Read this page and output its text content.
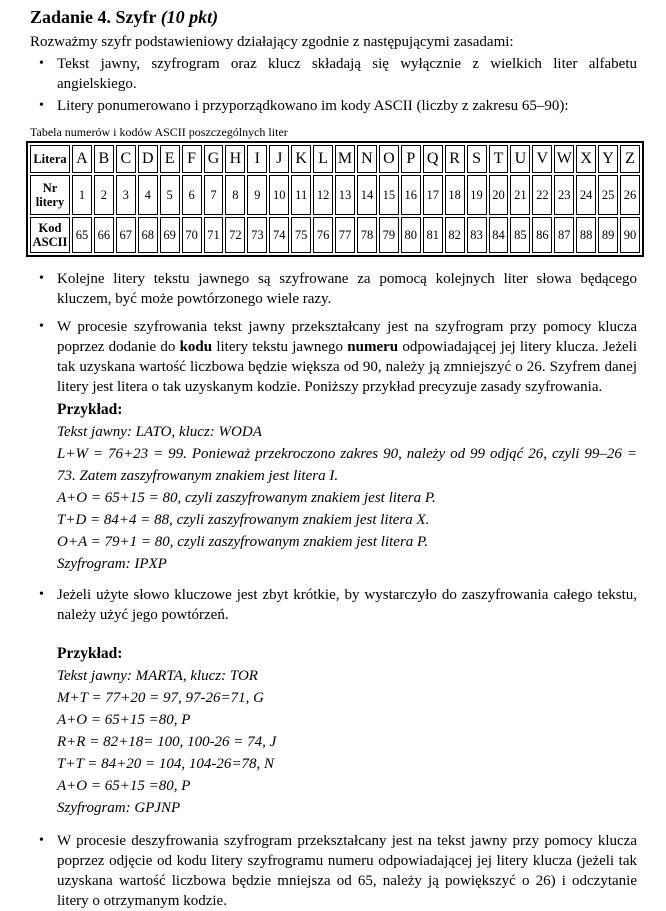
Zadanie 4. Szyfr (10 pkt)

Rozważmy szyfr podstawieniowy działający zgodnie z następującymi zasadami:

• Tekst jawny, szyfrogram oraz klucz składają się wyłącznie z wielkich liter alfabetu angielskiego.
• Litery ponumerowano i przyporządkowano im kody ASCII (liczby z zakresu 65–90):
Tabela numerów i kodów ASCII poszczególnych liter
Litera	A	B	C	D	E	F	G	H	I	J	K	L	M	N	O	P	Q	R	S	T	U	V	W	X	Y	Z
Nr litery	1	2	3	4	5	6	7	8	9	10	11	12	13	14	15	16	17	18	19	20	21	22	23	24	25	26
Kod ASCII	65	66	67	68	69	70	71	72	73	74	75	76	77	78	79	80	81	82	83	84	85	86	87	88	89	90
• Kolejne litery tekstu jawnego są szyfrowane za pomocą kolejnych liter słowa będącego kluczem, być może powtórzonego wiele razy.
• W procesie szyfrowania tekst jawny przekształcany jest na szyfrogram przy pomocy klucza poprzez dodanie do kodu litery tekstu jawnego numeru odpowiadającej jej litery klucza. Jeżeli tak uzyskana wartość liczbowa będzie większa od 90, należy ją zmniejszyć o 26. Szyfrem danej litery jest litera o tak uzyskanym kodzie. Poniższy przykład precyzuje zasady szyfrowania.
Przykład:
Tekst jawny: LATO, klucz: WODA
L+W = 76+23 = 99. Ponieważ przekroczono zakres 90, należy od 99 odjąć 26, czyli 99–26 = 73. Zatem zaszyfrowanym znakiem jest litera I.
A+O = 65+15 = 80, czyli zaszyfrowanym znakiem jest litera P.
T+D = 84+4 = 88, czyli zaszyfrowanym znakiem jest litera X.
O+A = 79+1 = 80, czyli zaszyfrowanym znakiem jest litera P.
Szyfrogram: IPXP
• Jeżeli użyte słowo kluczowe jest zbyt krótkie, by wystarczyło do zaszyfrowania całego tekstu, należy użyć jego powtórzeń.
Przykład:
Tekst jawny: MARTA, klucz: TOR
M+T = 77+20 = 97, 97-26=71, G
A+O = 65+15 =80, P
R+R = 82+18= 100, 100-26 = 74, J
T+T = 84+20 = 104, 104-26=78, N
A+O = 65+15 =80, P
Szyfrogram: GPJNP
• W procesie deszyfrowania szyfrogram przekształcany jest na tekst jawny przy pomocy klucza poprzez odjęcie od kodu litery szyfrogramu numeru odpowiadającej jej litery klucza (jeżeli tak uzyskana wartość liczbowa będzie mniejsza od 65, należy ją powiększyć o 26) i odczytanie litery o otrzymanym kodzie.
